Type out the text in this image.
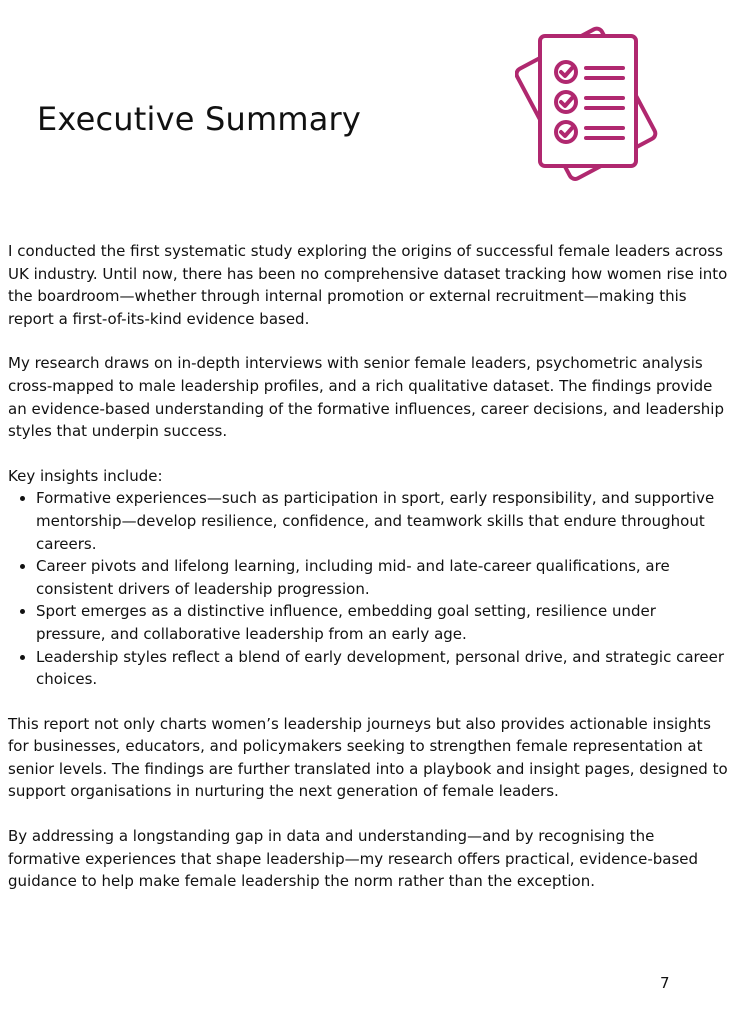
Executive Summary

I conducted the first systematic study exploring the origins of successful female leaders across UK industry. Until now, there has been no comprehensive dataset tracking how women rise into the boardroom—whether through internal promotion or external recruitment—making this report a first-of-its-kind evidence based.

My research draws on in-depth interviews with senior female leaders, psychometric analysis cross-mapped to male leadership profiles, and a rich qualitative dataset. The findings provide an evidence-based understanding of the formative influences, career decisions, and leadership styles that underpin success.

Key insights include:

• Formative experiences—such as participation in sport, early responsibility, and supportive mentorship—develop resilience, confidence, and teamwork skills that endure throughout careers.
• Career pivots and lifelong learning, including mid- and late-career qualifications, are consistent drivers of leadership progression.
• Sport emerges as a distinctive influence, embedding goal setting, resilience under pressure, and collaborative leadership from an early age.
• Leadership styles reflect a blend of early development, personal drive, and strategic career choices.

This report not only charts women’s leadership journeys but also provides actionable insights for businesses, educators, and policymakers seeking to strengthen female representation at senior levels. The findings are further translated into a playbook and insight pages, designed to support organisations in nurturing the next generation of female leaders.

By addressing a longstanding gap in data and understanding—and by recognising the formative experiences that shape leadership—my research offers practical, evidence-based guidance to help make female leadership the norm rather than the exception.

7
